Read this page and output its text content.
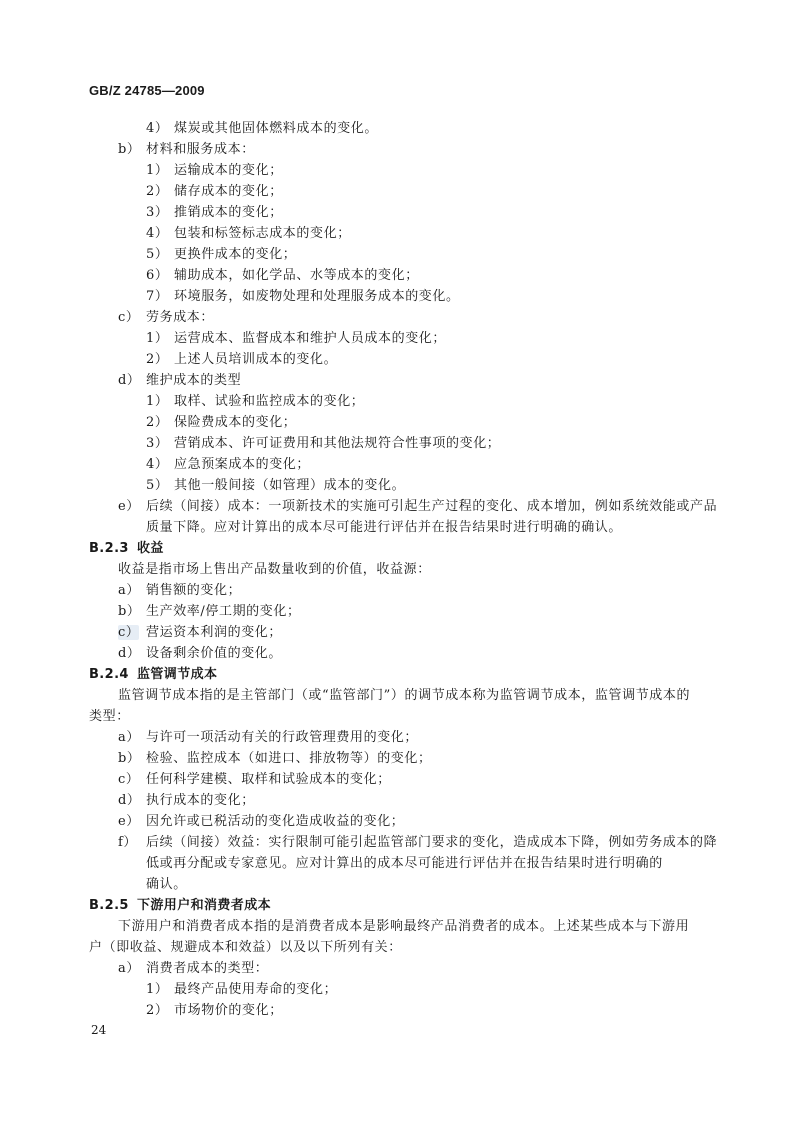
GB/Z 24785—2009
4） 煤炭或其他固体燃料成本的变化。
b） 材料和服务成本：
1） 运输成本的变化；
2） 储存成本的变化；
3） 推销成本的变化；
4） 包装和标签标志成本的变化；
5） 更换件成本的变化；
6） 辅助成本，如化学品、水等成本的变化；
7） 环境服务，如废物处理和处理服务成本的变化。
c） 劳务成本：
1） 运营成本、监督成本和维护人员成本的变化；
2） 上述人员培训成本的变化。
d） 维护成本的类型
1） 取样、试验和监控成本的变化；
2） 保险费成本的变化；
3） 营销成本、许可证费用和其他法规符合性事项的变化；
4） 应急预案成本的变化；
5） 其他一般间接（如管理）成本的变化。
e） 后续（间接）成本：一项新技术的实施可引起生产过程的变化、成本增加，例如系统效能或产品
质量下降。应对计算出的成本尽可能进行评估并在报告结果时进行明确的确认。
B.2.3 收益
收益是指市场上售出产品数量收到的价值，收益源：
a） 销售额的变化；
b） 生产效率/停工期的变化；
c） 营运资本利润的变化；
d） 设备剩余价值的变化。
B.2.4 监管调节成本
监管调节成本指的是主管部门（或“监管部门”）的调节成本称为监管调节成本，监管调节成本的
类型：
a） 与许可一项活动有关的行政管理费用的变化；
b） 检验、监控成本（如进口、排放物等）的变化；
c） 任何科学建模、取样和试验成本的变化；
d） 执行成本的变化；
e） 因允许或已税活动的变化造成收益的变化；
f） 后续（间接）效益：实行限制可能引起监管部门要求的变化，造成成本下降，例如劳务成本的降
低或再分配或专家意见。应对计算出的成本尽可能进行评估并在报告结果时进行明确的
确认。
B.2.5 下游用户和消费者成本
下游用户和消费者成本指的是消费者成本是影响最终产品消费者的成本。上述某些成本与下游用
户（即收益、规避成本和效益）以及以下所列有关：
a） 消费者成本的类型：
1） 最终产品使用寿命的变化；
2） 市场物价的变化；
24
